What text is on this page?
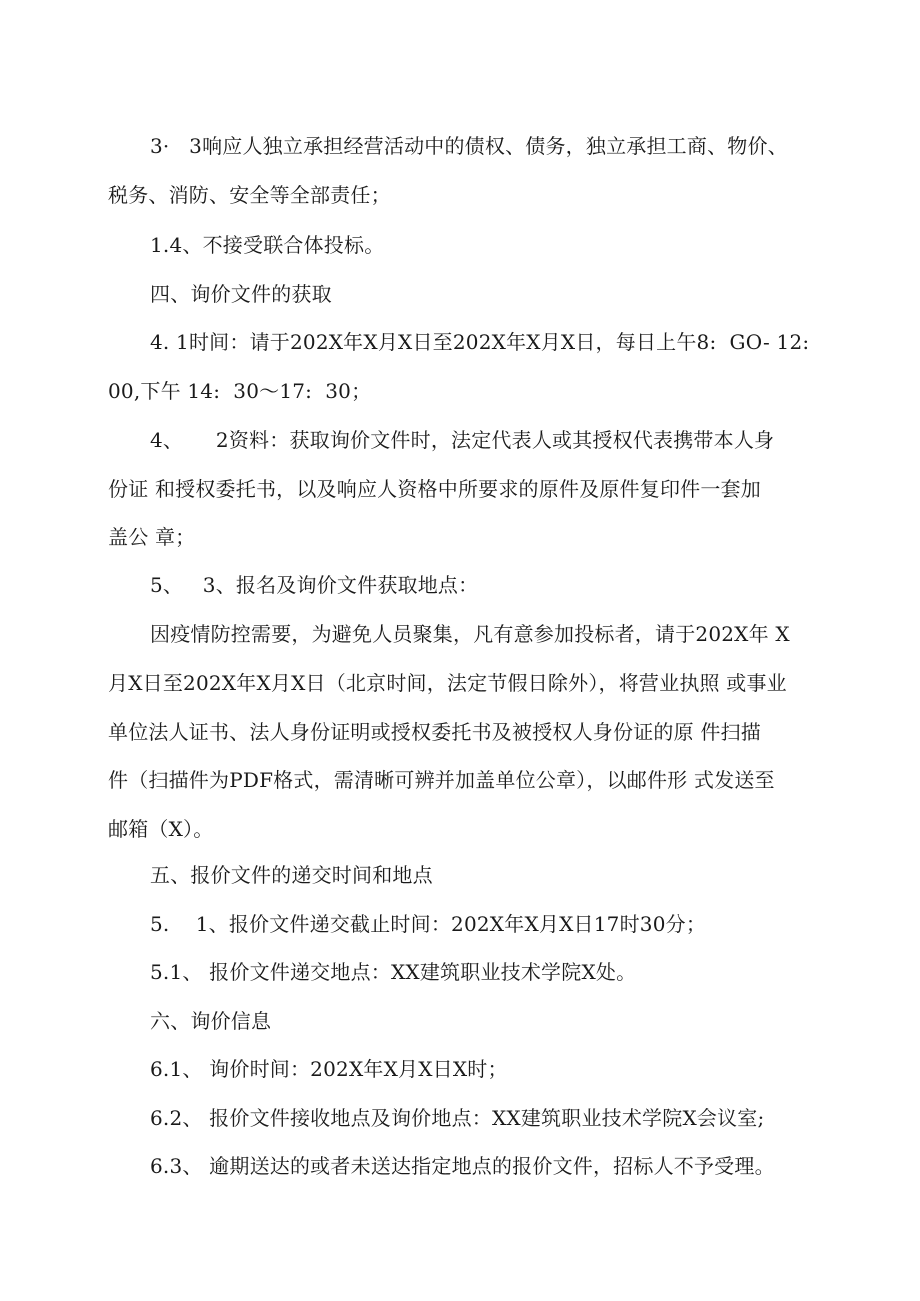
3·   3响应人独立承担经营活动中的债权、债务，独立承担工商、物价、
税务、消防、安全等全部责任；
1.4、不接受联合体投标。
四、询价文件的获取
4. 1时间：请于202X年X月X日至202X年X月X日，每日上午8:  GO- 12:
00,下午 14:  30～17:  30；
4、     2资料：获取询价文件时，法定代表人或其授权代表携带本人身
份证 和授权委托书，以及响应人资格中所要求的原件及原件复印件一套加
盖公 章；
5、   3、报名及询价文件获取地点：
因疫情防控需要，为避免人员聚集，凡有意参加投标者，请于202X年 X
月X日至202X年X月X日（北京时间，法定节假日除外），将营业执照 或事业
单位法人证书、法人身份证明或授权委托书及被授权人身份证的原 件扫描
件（扫描件为PDF格式，需清晰可辨并加盖单位公章），以邮件形 式发送至
邮箱（X）。
五、报价文件的递交时间和地点
5.    1、报价文件递交截止时间：202X年X月X日17时30分；
5.1、 报价文件递交地点：XX建筑职业技术学院X处。
六、询价信息
6.1、 询价时间：202X年X月X日X时；
6.2、 报价文件接收地点及询价地点：XX建筑职业技术学院X会议室;
6.3、 逾期送达的或者未送达指定地点的报价文件，招标人不予受理。
